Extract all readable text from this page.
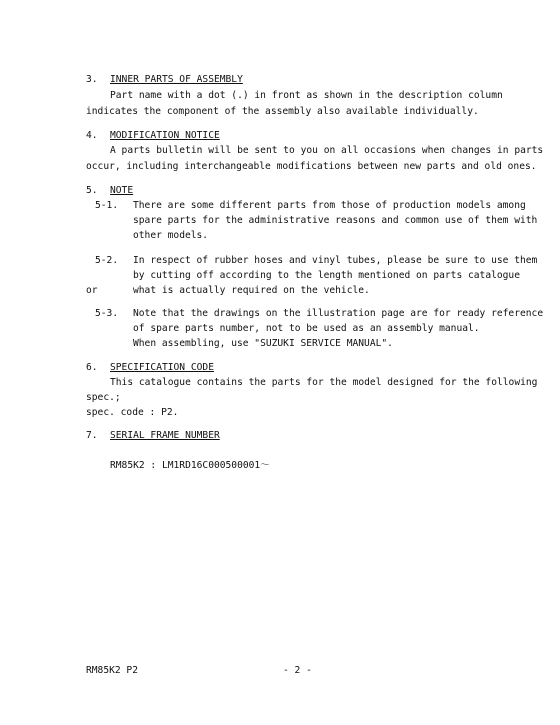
3. INNER PARTS OF ASSEMBLY
Part name with a dot (.) in front as shown in the description column
indicates the component of the assembly also available individually.
4. MODIFICATION NOTICE
A parts bulletin will be sent to you on all occasions when changes in parts
occur, including interchangeable modifications between new parts and old ones.
5. NOTE
5-1. There are some different parts from those of production models among
spare parts for the administrative reasons and common use of them with
other models.
5-2. In respect of rubber hoses and vinyl tubes, please be sure to use them
by cutting off according to the length mentioned on parts catalogue
or	what is actually required on the vehicle.
5-3. Note that the drawings on the illustration page are for ready reference
of spare parts number, not to be used as an assembly manual.
When assembling, use "SUZUKI SERVICE MANUAL".
6. SPECIFICATION CODE
This catalogue contains the parts for the model designed for the following
spec.;
spec. code : P2.
7. SERIAL FRAME NUMBER
RM85K2 : LM1RD16C000500001～
RM85K2 P2	- 2 -
